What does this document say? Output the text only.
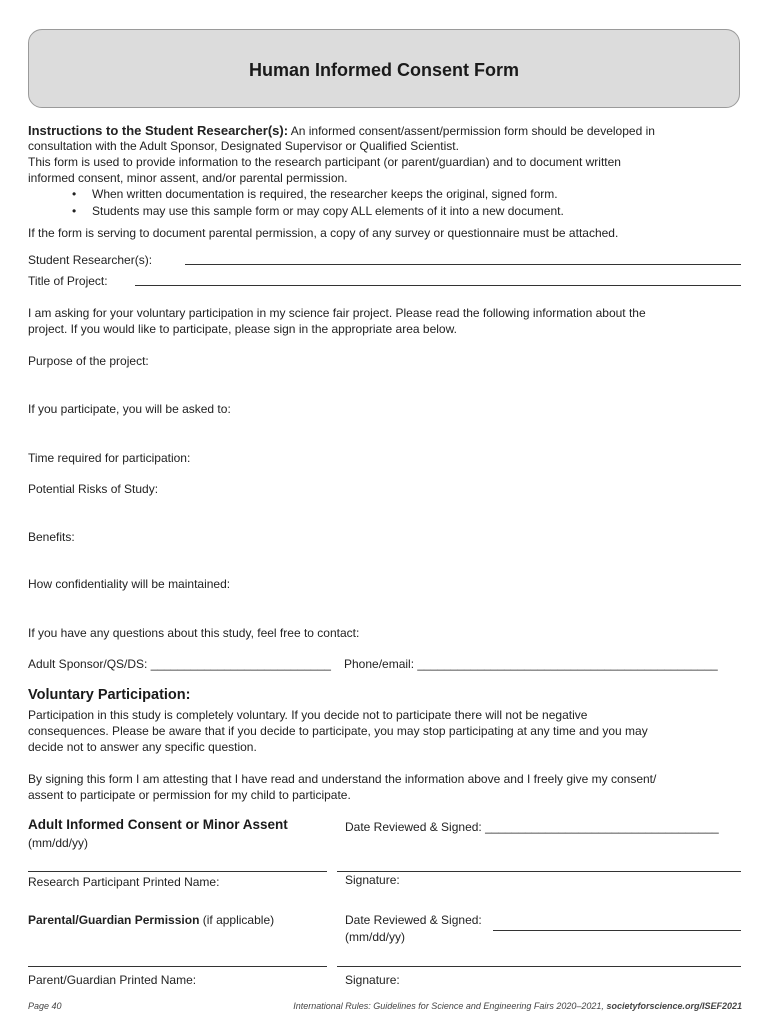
Human Informed Consent Form
Instructions to the Student Researcher(s): An informed consent/assent/permission form should be developed in
consultation with the Adult Sponsor, Designated Supervisor or Qualified Scientist.
This form is used to provide information to the research participant (or parent/guardian) and to document written
informed consent, minor assent, and/or parental permission.
• When written documentation is required, the researcher keeps the original, signed form.
• Students may use this sample form or may copy ALL elements of it into a new document.
If the form is serving to document parental permission, a copy of any survey or questionnaire must be attached.
Student Researcher(s):
Title of Project:
I am asking for your voluntary participation in my science fair project. Please read the following information about the
project. If you would like to participate, please sign in the appropriate area below.
Purpose of the project:
If you participate, you will be asked to:
Time required for participation:
Potential Risks of Study:
Benefits:
How confidentiality will be maintained:
If you have any questions about this study, feel free to contact:
Adult Sponsor/QS/DS: ___________________________ Phone/email: _____________________________________________
Voluntary Participation:
Participation in this study is completely voluntary. If you decide not to participate there will not be negative
consequences. Please be aware that if you decide to participate, you may stop participating at any time and you may
decide not to answer any specific question.
By signing this form I am attesting that I have read and understand the information above and I freely give my consent/
assent to participate or permission for my child to participate.
Adult Informed Consent or Minor Assent
(mm/dd/yy)
Date Reviewed & Signed: ___________________________________
Research Participant Printed Name:	Signature:
Parental/Guardian Permission (if applicable)	Date Reviewed & Signed:
(mm/dd/yy)
Parent/Guardian Printed Name:	Signature:
Page 40	International Rules: Guidelines for Science and Engineering Fairs 2020–2021, societyforscience.org/ISEF2021
